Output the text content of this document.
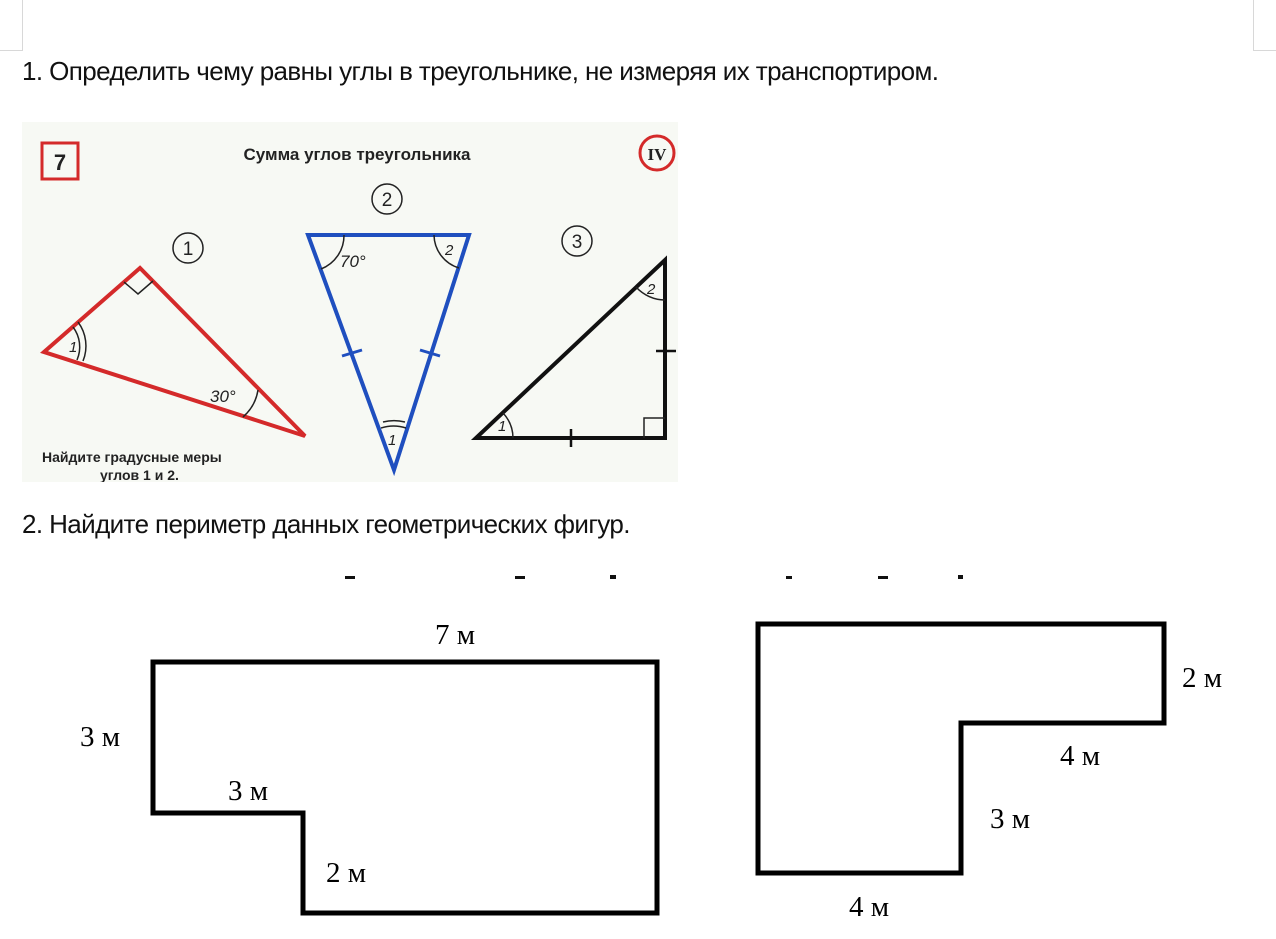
1. Определить чему равны углы в треугольнике, не измеряя их транспортиром.
7	Сумма углов треугольника	IV
1
1
30°
2
70°
2
1
3
1
2
Найдите градусные меры
углов 1 и 2.
2. Найдите периметр данных геометрических фигур.
7 м
3 м
3 м
2 м
2 м
4 м
3 м
4 м
